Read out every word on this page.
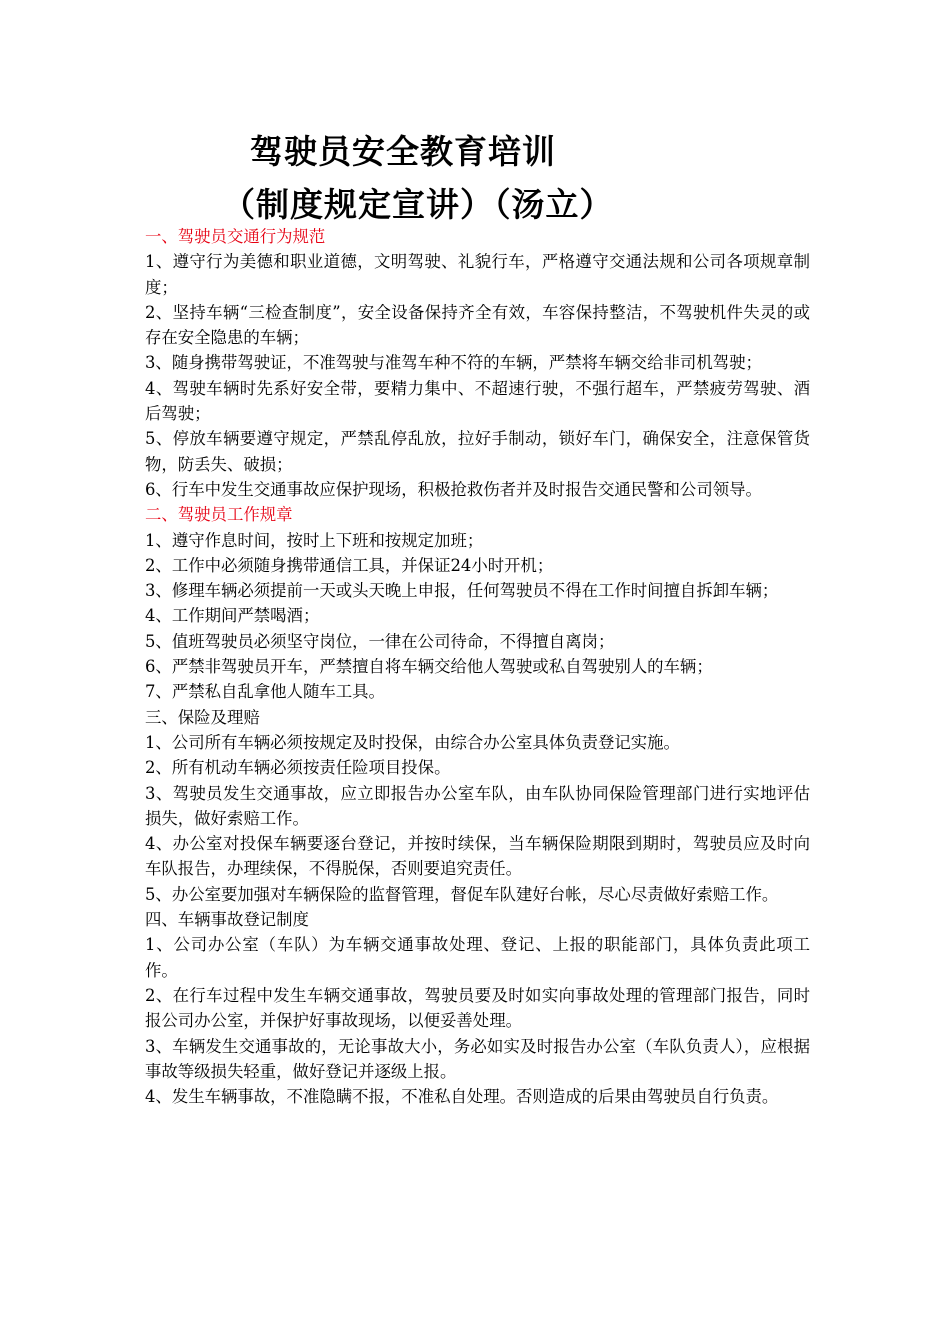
驾驶员安全教育培训
（制度规定宣讲）（汤立）

一、驾驶员交通行为规范

1、遵守行为美德和职业道德，文明驾驶、礼貌行车，严格遵守交通法规和公司各项规章制度；

2、坚持车辆“三检查制度”，安全设备保持齐全有效，车容保持整洁，不驾驶机件失灵的或存在安全隐患的车辆；

3、随身携带驾驶证，不准驾驶与准驾车种不符的车辆，严禁将车辆交给非司机驾驶；

4、驾驶车辆时先系好安全带，要精力集中、不超速行驶，不强行超车，严禁疲劳驾驶、酒后驾驶；

5、停放车辆要遵守规定，严禁乱停乱放，拉好手制动，锁好车门，确保安全，注意保管货物，防丢失、破损；

6、行车中发生交通事故应保护现场，积极抢救伤者并及时报告交通民警和公司领导。

二、驾驶员工作规章

1、遵守作息时间，按时上下班和按规定加班；

2、工作中必须随身携带通信工具，并保证24小时开机；

3、修理车辆必须提前一天或头天晚上申报，任何驾驶员不得在工作时间擅自拆卸车辆；

4、工作期间严禁喝酒；

5、值班驾驶员必须坚守岗位，一律在公司待命，不得擅自离岗；

6、严禁非驾驶员开车，严禁擅自将车辆交给他人驾驶或私自驾驶别人的车辆；

7、严禁私自乱拿他人随车工具。

三、保险及理赔

1、公司所有车辆必须按规定及时投保，由综合办公室具体负责登记实施。

2、所有机动车辆必须按责任险项目投保。

3、驾驶员发生交通事故，应立即报告办公室车队，由车队协同保险管理部门进行实地评估损失，做好索赔工作。

4、办公室对投保车辆要逐台登记，并按时续保，当车辆保险期限到期时，驾驶员应及时向车队报告，办理续保，不得脱保，否则要追究责任。

5、办公室要加强对车辆保险的监督管理，督促车队建好台帐，尽心尽责做好索赔工作。

四、车辆事故登记制度

1、公司办公室（车队）为车辆交通事故处理、登记、上报的职能部门，具体负责此项工作。

2、在行车过程中发生车辆交通事故，驾驶员要及时如实向事故处理的管理部门报告，同时报公司办公室，并保护好事故现场，以便妥善处理。

3、车辆发生交通事故的，无论事故大小，务必如实及时报告办公室（车队负责人），应根据事故等级损失轻重，做好登记并逐级上报。

4、发生车辆事故，不准隐瞒不报，不准私自处理。否则造成的后果由驾驶员自行负责。
